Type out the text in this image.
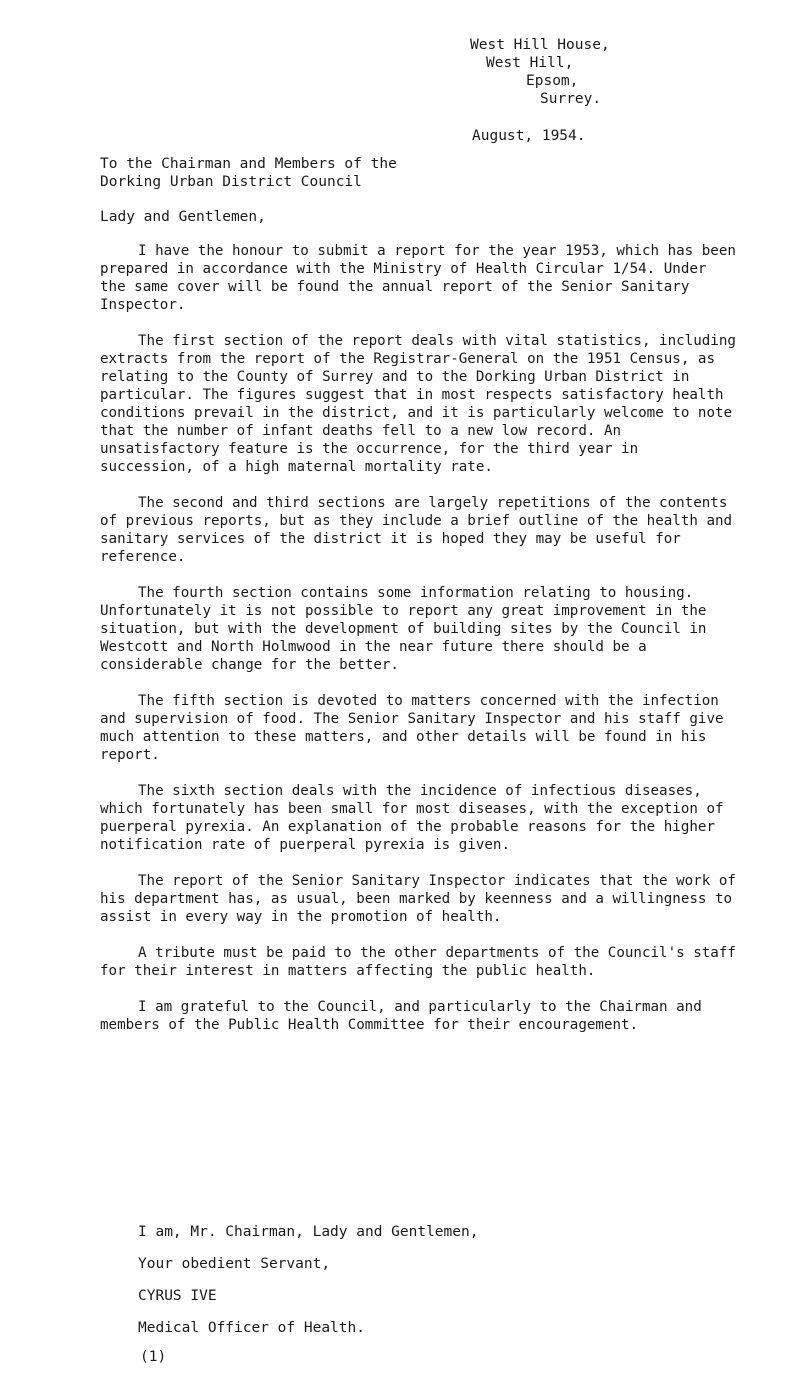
West Hill House,
West Hill,
Epsom,
Surrey.
August, 1954.
To the Chairman and Members of the
Dorking Urban District Council
Lady and Gentlemen,

I have the honour to submit a report for the year 1953, which has been prepared in accordance with the Ministry of Health Circular 1/54. Under the same cover will be found the annual report of the Senior Sanitary Inspector.

The first section of the report deals with vital statistics, including extracts from the report of the Registrar-General on the 1951 Census, as relating to the County of Surrey and to the Dorking Urban District in particular. The figures suggest that in most respects satisfactory health conditions prevail in the district, and it is particularly welcome to note that the number of infant deaths fell to a new low record. An unsatisfactory feature is the occurrence, for the third year in succession, of a high maternal mortality rate.

The second and third sections are largely repetitions of the contents of previous reports, but as they include a brief outline of the health and sanitary services of the district it is hoped they may be useful for reference.

The fourth section contains some information relating to housing. Unfortunately it is not possible to report any great improvement in the situation, but with the development of building sites by the Council in Westcott and North Holmwood in the near future there should be a considerable change for the better.

The fifth section is devoted to matters concerned with the infection and supervision of food. The Senior Sanitary Inspector and his staff give much attention to these matters, and other details will be found in his report.

The sixth section deals with the incidence of infectious diseases, which fortunately has been small for most diseases, with the exception of puerperal pyrexia. An explanation of the probable reasons for the higher notification rate of puerperal pyrexia is given.

The report of the Senior Sanitary Inspector indicates that the work of his department has, as usual, been marked by keenness and a willingness to assist in every way in the promotion of health.

A tribute must be paid to the other departments of the Council's staff for their interest in matters affecting the public health.

I am grateful to the Council, and particularly to the Chairman and members of the Public Health Committee for their encouragement.

I am, Mr. Chairman, Lady and Gentlemen,
Your obedient Servant,
CYRUS IVE
Medical Officer of Health.
(1)
